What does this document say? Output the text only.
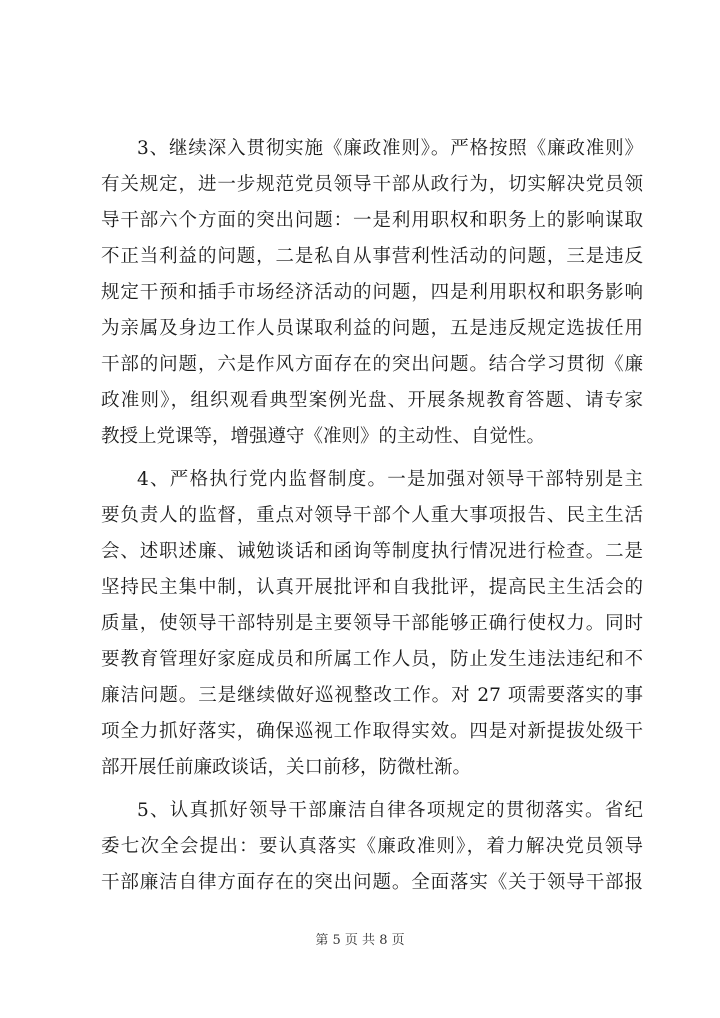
3、继续深入贯彻实施《廉政准则》。严格按照《廉政准则》
有关规定，进一步规范党员领导干部从政行为，切实解决党员领
导干部六个方面的突出问题：一是利用职权和职务上的影响谋取
不正当利益的问题，二是私自从事营利性活动的问题，三是违反
规定干预和插手市场经济活动的问题，四是利用职权和职务影响
为亲属及身边工作人员谋取利益的问题，五是违反规定选拔任用
干部的问题，六是作风方面存在的突出问题。结合学习贯彻《廉
政准则》，组织观看典型案例光盘、开展条规教育答题、请专家
教授上党课等，增强遵守《准则》的主动性、自觉性。
4、严格执行党内监督制度。一是加强对领导干部特别是主
要负责人的监督，重点对领导干部个人重大事项报告、民主生活
会、述职述廉、诫勉谈话和函询等制度执行情况进行检查。二是
坚持民主集中制，认真开展批评和自我批评，提高民主生活会的
质量，使领导干部特别是主要领导干部能够正确行使权力。同时
要教育管理好家庭成员和所属工作人员，防止发生违法违纪和不
廉洁问题。三是继续做好巡视整改工作。对 27 项需要落实的事
项全力抓好落实，确保巡视工作取得实效。四是对新提拔处级干
部开展任前廉政谈话，关口前移，防微杜渐。
5、认真抓好领导干部廉洁自律各项规定的贯彻落实。省纪
委七次全会提出：要认真落实《廉政准则》，着力解决党员领导
干部廉洁自律方面存在的突出问题。全面落实《关于领导干部报
第 5 页 共 8 页
